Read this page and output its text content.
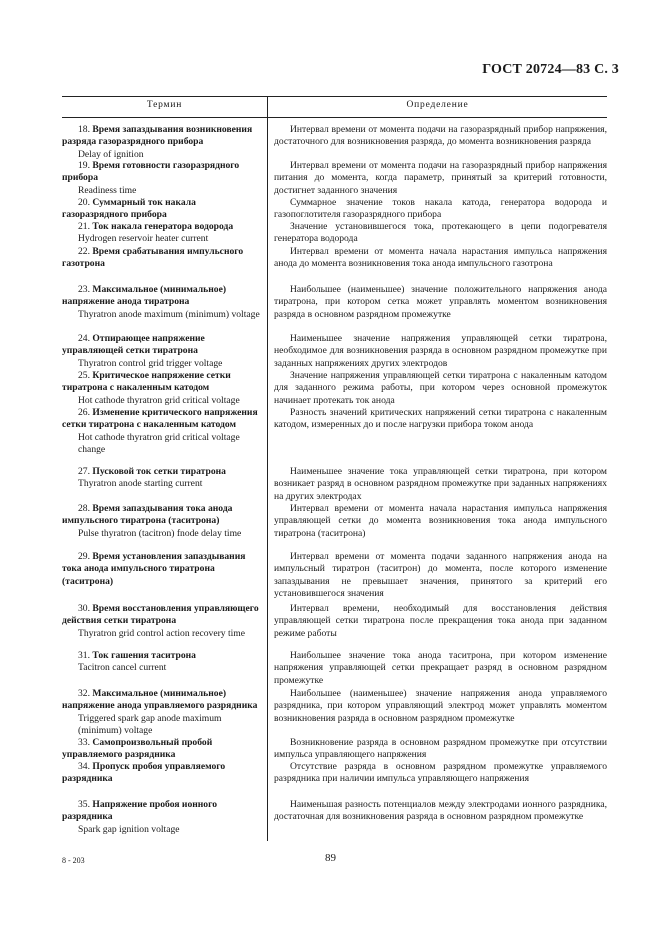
ГОСТ 20724—83 С. 3
Термин	Определение
18. Время запаздывания возникновения разряда газоразрядного прибора
Delay of ignition

Интервал времени от момента подачи на газоразрядный прибор напряжения, достаточного для возникновения разряда, до момента возникновения разряда

19. Время готовности газоразрядного прибора
Readiness time

Интервал времени от момента подачи на газоразрядный прибор напряжения питания до момента, когда параметр, принятый за критерий готовности, достигнет заданного значения

20. Суммарный ток накала газоразрядного прибора

Суммарное значение токов накала катода, генератора водорода и газопоглотителя газоразрядного прибора

21. Ток накала генератора водорода
Hydrogen reservoir heater current

Значение установившегося тока, протекающего в цепи подогревателя генератора водорода

22. Время срабатывания импульсного газотрона

Интервал времени от момента начала нарастания импульса напряжения анода до момента возникновения тока анода импульсного газотрона

23. Максимальное (минимальное) напряжение анода тиратрона
Thyratron anode maximum (minimum) voltage

Наибольшее (наименьшее) значение положительного напряжения анода тиратрона, при котором сетка может управлять моментом возникновения разряда в основном разрядном промежутке

24. Отпирающее напряжение управляющей сетки тиратрона
Thyratron control grid trigger voltage

Наименьшее значение напряжения управляющей сетки тиратрона, необходимое для возникновения разряда в основном разрядном промежутке при заданных напряжениях других электродов

25. Критическое напряжение сетки тиратрона с накаленным катодом
Hot cathode thyratron grid critical voltage

Значение напряжения управляющей сетки тиратрона с накаленным катодом для заданного режима работы, при котором через основной промежуток начинает протекать ток анода

26. Изменение критического напряжения сетки тиратрона с накаленным катодом
Hot cathode thyratron grid critical voltage change

Разность значений критических напряжений сетки тиратрона с накаленным катодом, измеренных до и после нагрузки прибора током анода

27. Пусковой ток сетки тиратрона
Thyratron anode starting current

Наименьшее значение тока управляющей сетки тиратрона, при котором возникает разряд в основном разрядном промежутке при заданных напряжениях на других электродах

28. Время запаздывания тока анода импульсного тиратрона (таситрона)
Pulse thyratron (tacitron) fnode delay time

Интервал времени от момента начала нарастания импульса напряжения управляющей сетки до момента возникновения тока анода импульсного тиратрона (таситрона)

29. Время установления запаздывания тока анода импульсного тиратрона (таситрона)

Интервал времени от момента подачи заданного напряжения анода на импульсный тиратрон (таситрон) до момента, после которого изменение запаздывания не превышает значения, принятого за критерий его установившегося значения

30. Время восстановления управляющего действия сетки тиратрона
Thyratron grid control action recovery time

Интервал времени, необходимый для восстановления действия управляющей сетки тиратрона после прекращения тока анода при заданном режиме работы

31. Ток гашения таситрона
Tacitron cancel current

Наибольшее значение тока анода таситрона, при котором изменение напряжения управляющей сетки прекращает разряд в основном разрядном промежутке

32. Максимальное (минимальное) напряжение анода управляемого разрядника
Triggered spark gap anode maximum (minimum) voltage

Наибольшее (наименьшее) значение напряжения анода управляемого разрядника, при котором управляющий электрод может управлять моментом возникновения разряда в основном разрядном промежутке

33. Самопроизвольный пробой управляемого разрядника

Возникновение разряда в основном разрядном промежутке при отсутствии импульса управляющего напряжения

34. Пропуск пробоя управляемого разрядника

Отсутствие разряда в основном разрядном промежутке управляемого разрядника при наличии импульса управляющего напряжения

35. Напряжение пробоя ионного разрядника
Spark gap ignition voltage

Наименьшая разность потенциалов между электродами ионного разрядника, достаточная для возникновения разряда в основном разрядном промежутке

8 - 203	89
